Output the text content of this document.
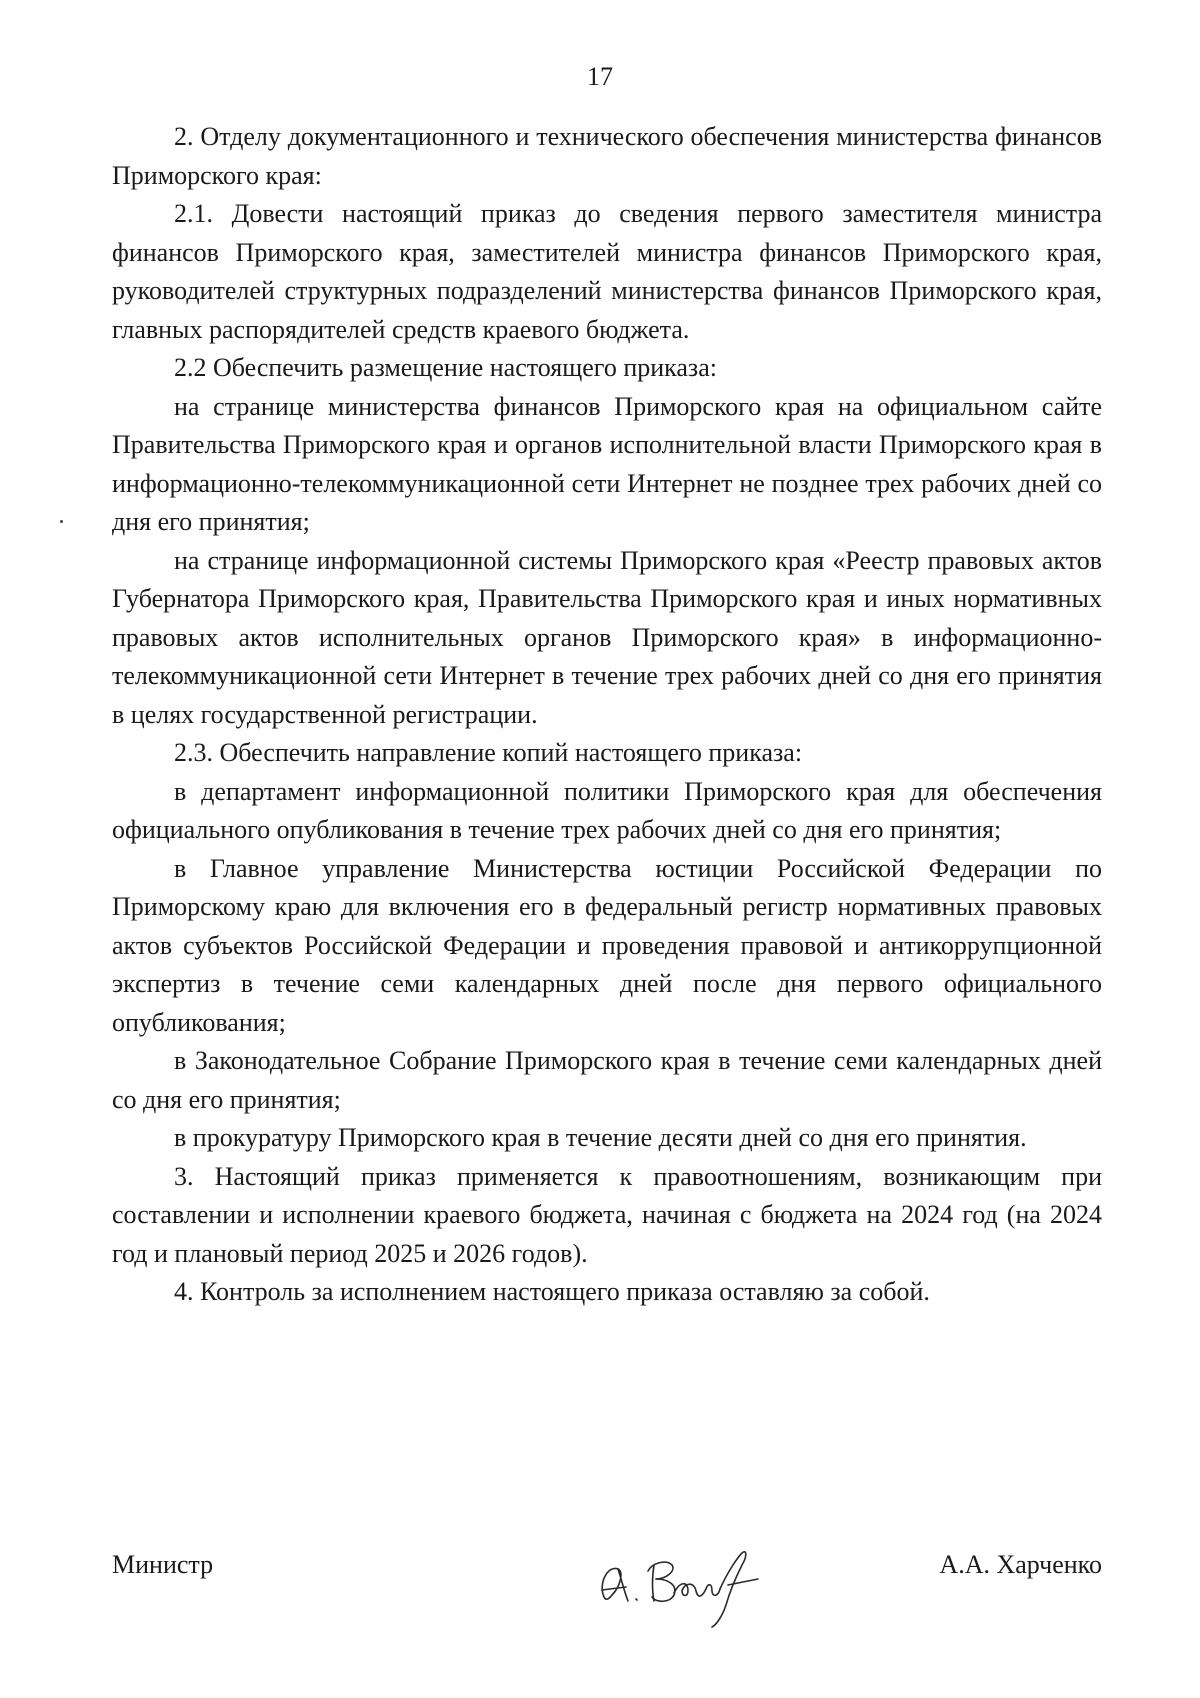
17

2. Отделу документационного и технического обеспечения министерства финансов Приморского края:

2.1. Довести настоящий приказ до сведения первого заместителя министра финансов Приморского края, заместителей министра финансов Приморского края, руководителей структурных подразделений министерства финансов Приморского края, главных распорядителей средств краевого бюджета.

2.2 Обеспечить размещение настоящего приказа:

на странице министерства финансов Приморского края на официальном сайте Правительства Приморского края и органов исполнительной власти Приморского края в информационно-телекоммуникационной сети Интернет не позднее трех рабочих дней со дня его принятия;

на странице информационной системы Приморского края «Реестр правовых актов Губернатора Приморского края, Правительства Приморского края и иных нормативных правовых актов исполнительных органов Приморского края» в информационно-телекоммуникационной сети Интернет в течение трех рабочих дней со дня его принятия в целях государственной регистрации.

2.3. Обеспечить направление копий настоящего приказа:

в департамент информационной политики Приморского края для обеспечения официального опубликования в течение трех рабочих дней со дня его принятия;

в Главное управление Министерства юстиции Российской Федерации по Приморскому краю для включения его в федеральный регистр нормативных правовых актов субъектов Российской Федерации и проведения правовой и антикоррупционной экспертиз в течение семи календарных дней после дня первого официального опубликования;

в Законодательное Собрание Приморского края в течение семи календарных дней со дня его принятия;

в прокуратуру Приморского края в течение десяти дней со дня его принятия.

3. Настоящий приказ применяется к правоотношениям, возникающим при составлении и исполнении краевого бюджета, начиная с бюджета на 2024 год (на 2024 год и плановый период 2025 и 2026 годов).

4. Контроль за исполнением настоящего приказа оставляю за собой.

Министр	А.А. Харченко
